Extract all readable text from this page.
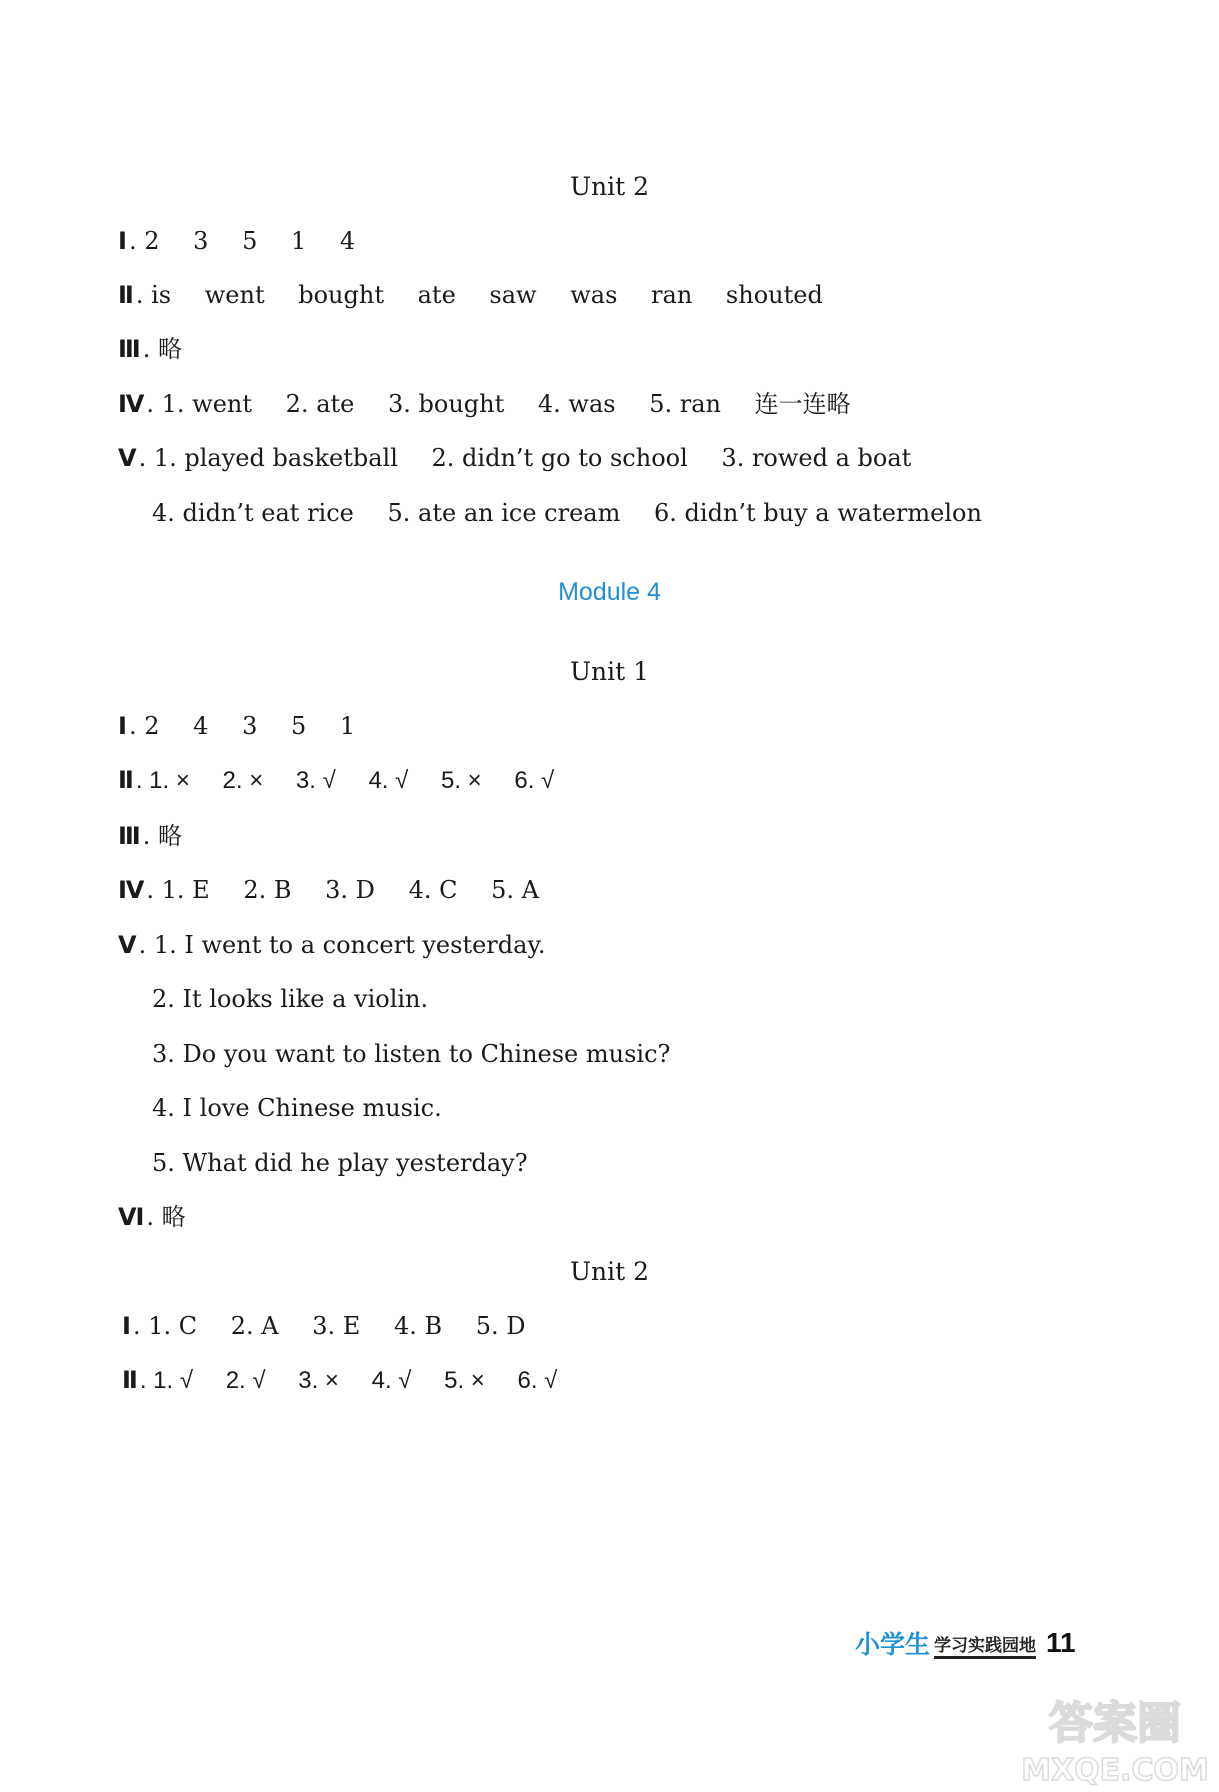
Unit 2
Ⅰ. 2 3 5 1 4
Ⅱ. is went bought ate saw was ran shouted
Ⅲ. 略
Ⅳ. 1. went 2. ate 3. bought 4. was 5. ran 连一连略
Ⅴ. 1. played basketball 2. didn’t go to school 3. rowed a boat
4. didn’t eat rice 5. ate an ice cream 6. didn’t buy a watermelon
Module 4
Unit 1
Ⅰ. 2 4 3 5 1
Ⅱ. 1. × 2. × 3. √ 4. √ 5. × 6. √
Ⅲ. 略
Ⅳ. 1. E 2. B 3. D 4. C 5. A
Ⅴ. 1. I went to a concert yesterday.
2. It looks like a violin.
3. Do you want to listen to Chinese music?
4. I love Chinese music.
5. What did he play yesterday?
Ⅵ. 略
Unit 2
Ⅰ. 1. C 2. A 3. E 4. B 5. D
Ⅱ. 1. √ 2. √ 3. × 4. √ 5. × 6. √
小学生 学习实践园地 11
答案圈
MXQE.COM
